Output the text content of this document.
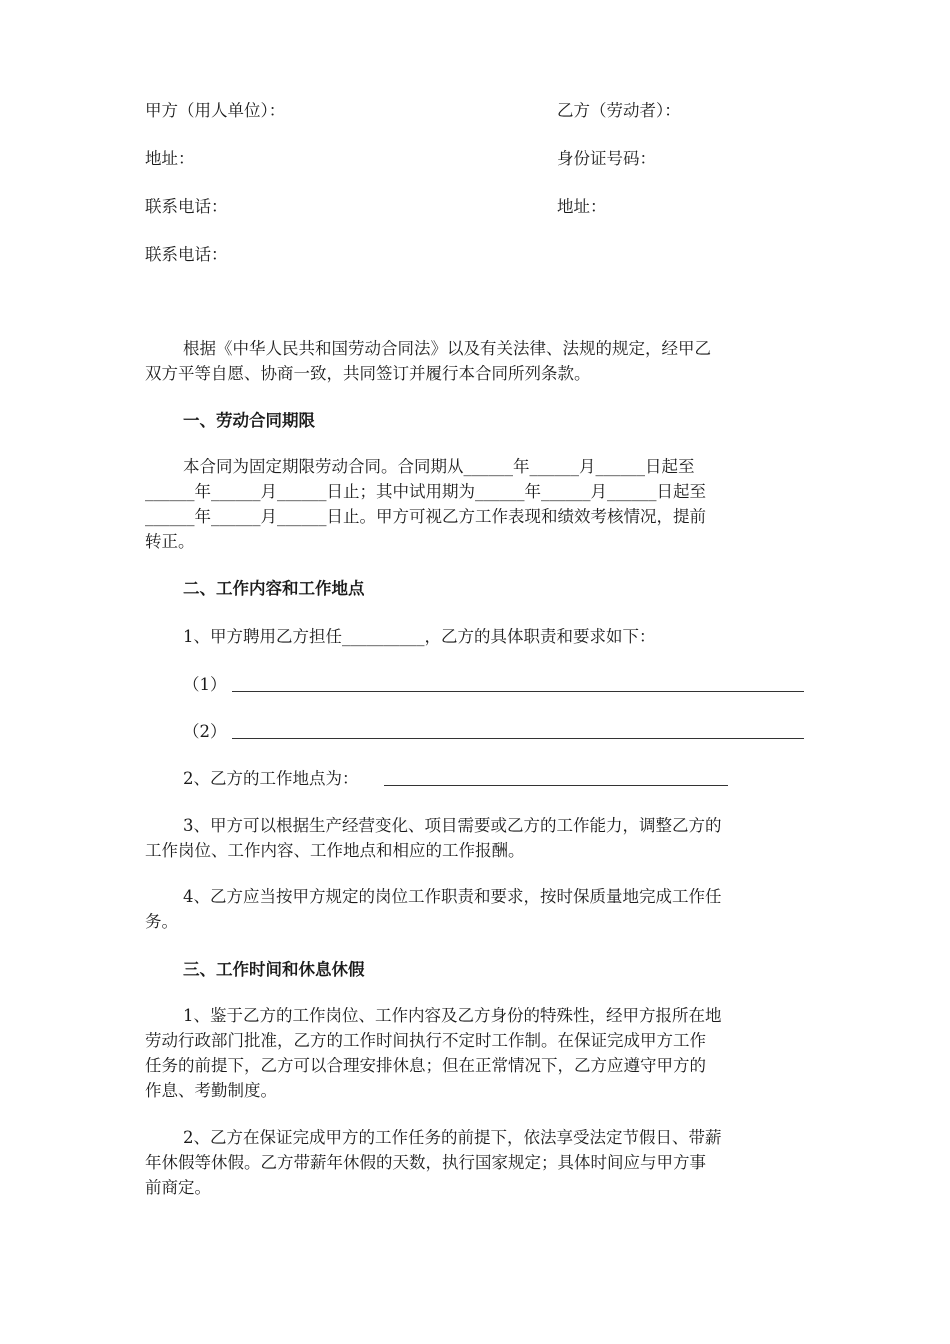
甲方（用人单位）：	乙方（劳动者）：
地址：	身份证号码：
联系电话：	地址：
联系电话：
根据《中华人民共和国劳动合同法》以及有关法律、法规的规定，经甲乙
双方平等自愿、协商一致，共同签订并履行本合同所列条款。
一、劳动合同期限
本合同为固定期限劳动合同。合同期从______年______月______日起至
______年______月______日止；其中试用期为______年______月______日起至
______年______月______日止。甲方可视乙方工作表现和绩效考核情况，提前
转正。
二、工作内容和工作地点
1、甲方聘用乙方担任__________，乙方的具体职责和要求如下：
（1）
（2）
2、乙方的工作地点为：
3、甲方可以根据生产经营变化、项目需要或乙方的工作能力，调整乙方的
工作岗位、工作内容、工作地点和相应的工作报酬。
4、乙方应当按甲方规定的岗位工作职责和要求，按时保质量地完成工作任
务。
三、工作时间和休息休假
1、鉴于乙方的工作岗位、工作内容及乙方身份的特殊性，经甲方报所在地
劳动行政部门批准，乙方的工作时间执行不定时工作制。在保证完成甲方工作
任务的前提下，乙方可以合理安排休息；但在正常情况下，乙方应遵守甲方的
作息、考勤制度。
2、乙方在保证完成甲方的工作任务的前提下，依法享受法定节假日、带薪
年休假等休假。乙方带薪年休假的天数，执行国家规定；具体时间应与甲方事
前商定。
